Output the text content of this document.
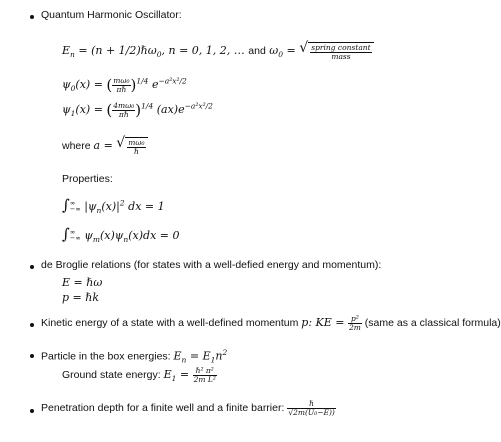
Quantum Harmonic Oscillator:
$E_n = (n$ + 1/2)ℏω$_0$, n = 0, 1, 2, … and $\omega_0$ = √ $\frac{\text{spring constant}}{\text{mass}}$
$\psi_0(x)$ = ( $\frac{\text{mω₀}}{\text{πℏ}} )^{1/4}$ $e^{-a^2x^2/2}$
$\psi_1(x)$ = ( $\frac{\text{4mω₀}}{\text{πℏ}} )^{1/4}$ $(ax)e^{-a^2x^2/2}$
where a = √ $\frac{\text{mω₀}}{\text{ℏ}}$
Properties:
∫ ∞
−∞ $|\psi_n(x)|^2$ dx = 1
∫ ∞
−∞ $\psi_m(x)\psi_n(x)dx = 0$
de Broglie relations (for states with a well-defied energy and momentum):
E = ℏω
p = ℏk
Kinetic energy of a state with a well-defined momentum p: KE = $\frac{\text{p²}}{2m}$ (same as a classical formula)
Particle in the box energies: $E_n = E_1n^2$
Ground state energy: $E_1 = \frac{\text{ℏ² π²}}{\text{2m L²}}$
Penetration depth for a finite well and a finite barrier: $\frac{\text{ℏ}}{\text{√2m(U₀−E))}}$
